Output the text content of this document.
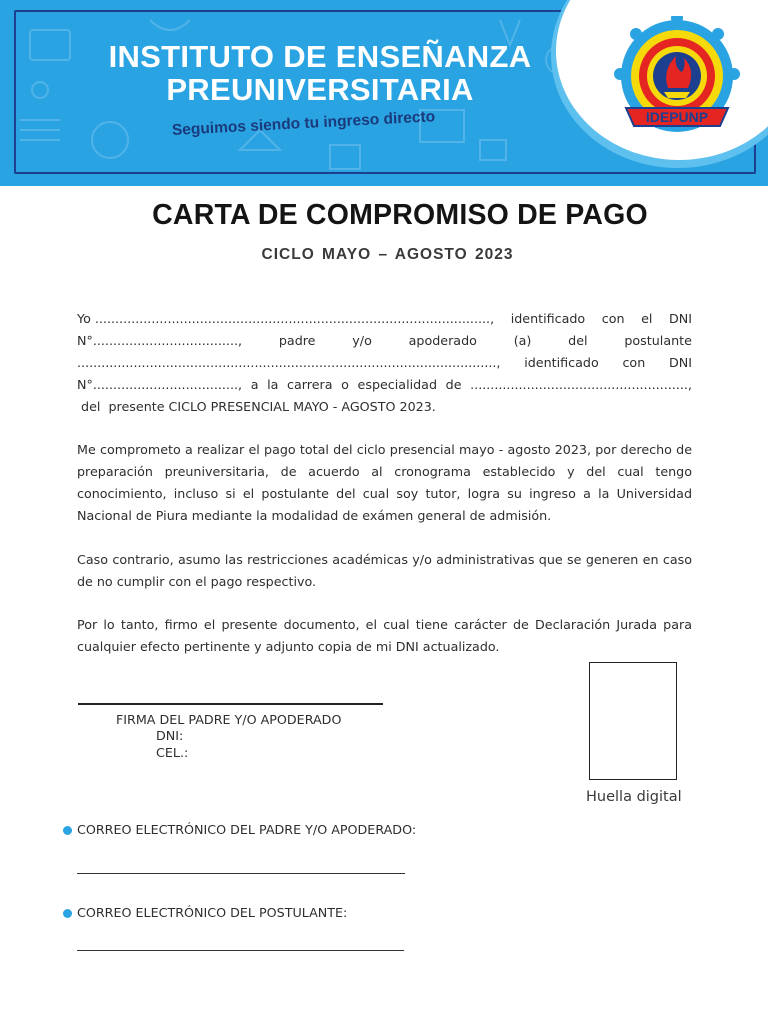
INSTITUTO DE ENSEÑANZA
PREUNIVERSITARIA
Seguimos siendo tu ingreso directo	IDEPUNP
CARTA DE COMPROMISO DE PAGO
CICLO MAYO – AGOSTO 2023
Yo .................................................................................................., identificado con el DNI
N°....................................,	padre	y/o	apoderado	(a)	del	postulante
........................................................................................................, identificado con DNI
N°...................................., a la carrera o especialidad de ......................................................,
del  presente CICLO PRESENCIAL MAYO - AGOSTO 2023.
Me comprometo a realizar el pago total del ciclo presencial mayo - agosto 2023, por derecho de preparación preuniversitaria, de acuerdo al cronograma establecido y del cual tengo conocimiento, incluso si el postulante del cual soy tutor, logra su ingreso a la Universidad Nacional de Piura mediante la modalidad de exámen general de admisión.
Caso contrario, asumo las restricciones académicas y/o administrativas que se generen en caso de no cumplir con el pago respectivo.
Por lo tanto, firmo el presente documento, el cual tiene carácter de Declaración Jurada para cualquier efecto pertinente y adjunto copia de mi DNI actualizado.
FIRMA DEL PADRE Y/O APODERADO
DNI:
CEL.:
Huella digital
CORREO ELECTRÓNICO DEL PADRE Y/O APODERADO:
CORREO ELECTRÓNICO DEL POSTULANTE:
